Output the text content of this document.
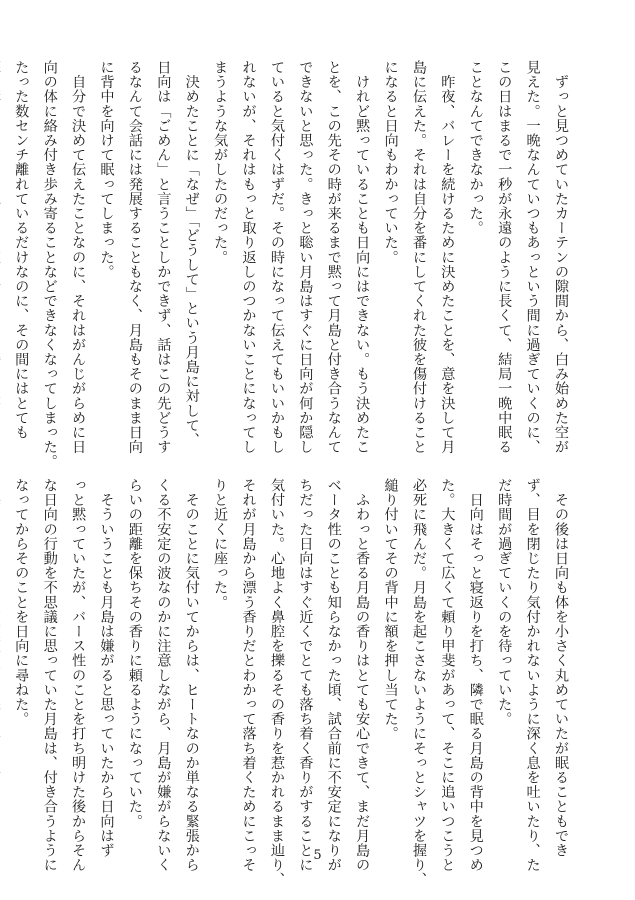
　ずっと見つめていたカーテンの隙間から、白み始めた空が

見えた。一晩なんていつもあっという間に過ぎていくのに、

この日はまるで一秒が永遠のように長くて、結局一晩中眠る

ことなんてできなかった。

　昨夜、バレーを続けるために決めたことを、意を決して月

島に伝えた。それは自分を番にしてくれた彼を傷付けること

になると日向もわかっていた。

　けれど黙っていることも日向にはできない。もう決めたこ

とを、この先その時が来るまで黙って月島と付き合うなんて

できないと思った。きっと聡い月島はすぐに日向が何か隠し

ていると気付くはずだ。その時になって伝えてもいいかもし

れないが、それはもっと取り返しのつかないことになってし

まうような気がしたのだった。

　決めたことに「なぜ」「どうして」という月島に対して、

日向は「ごめん」と言うことしかできず、話はこの先どうす

るなんて会話には発展することもなく、月島もそのまま日向

に背中を向けて眠ってしまった。

　自分で決めて伝えたことなのに、それはがんじがらめに日

向の体に絡み付き歩み寄ることなどできなくなってしまった。

たった数センチ離れているだけなのに、その間にはとても

　その後は日向も体を小さく丸めていたが眠ることもでき

ず、目を閉じたり気付かれないように深く息を吐いたり、た

だ時間が過ぎていくのを待っていた。

　日向はそっと寝返りを打ち、隣で眠る月島の背中を見つめ

た。大きくて広くて頼り甲斐があって、そこに追いつこうと

必死に飛んだ。月島を起こさないようにそっとシャツを握り、

縋り付いてその背中に額を押し当てた。

　ふわっと香る月島の香りはとても安心できて、まだ月島の

ベータ性のことも知らなかった頃、試合前に不安定になりが

ちだった日向はすぐ近くでとても落ち着く香りがすることに

気付いた。心地よく鼻腔を擽るその香りを惹かれるまま辿り、

それが月島から漂う香りだとわかって落ち着くためにこっそ

りと近くに座った。

　そのことに気付いてからは、ヒートなのか単なる緊張から

くる不安定の波なのかに注意しながら、月島が嫌がらないく

らいの距離を保ちその香りに頼るようになっていた。

　そういうことも月島は嫌がると思っていたから日向はず

っと黙っていたが、バース性のことを打ち明けた後からそん

な日向の行動を不思議に思っていた月島は、付き合うように

なってからそのことを日向に尋ねた。

5
